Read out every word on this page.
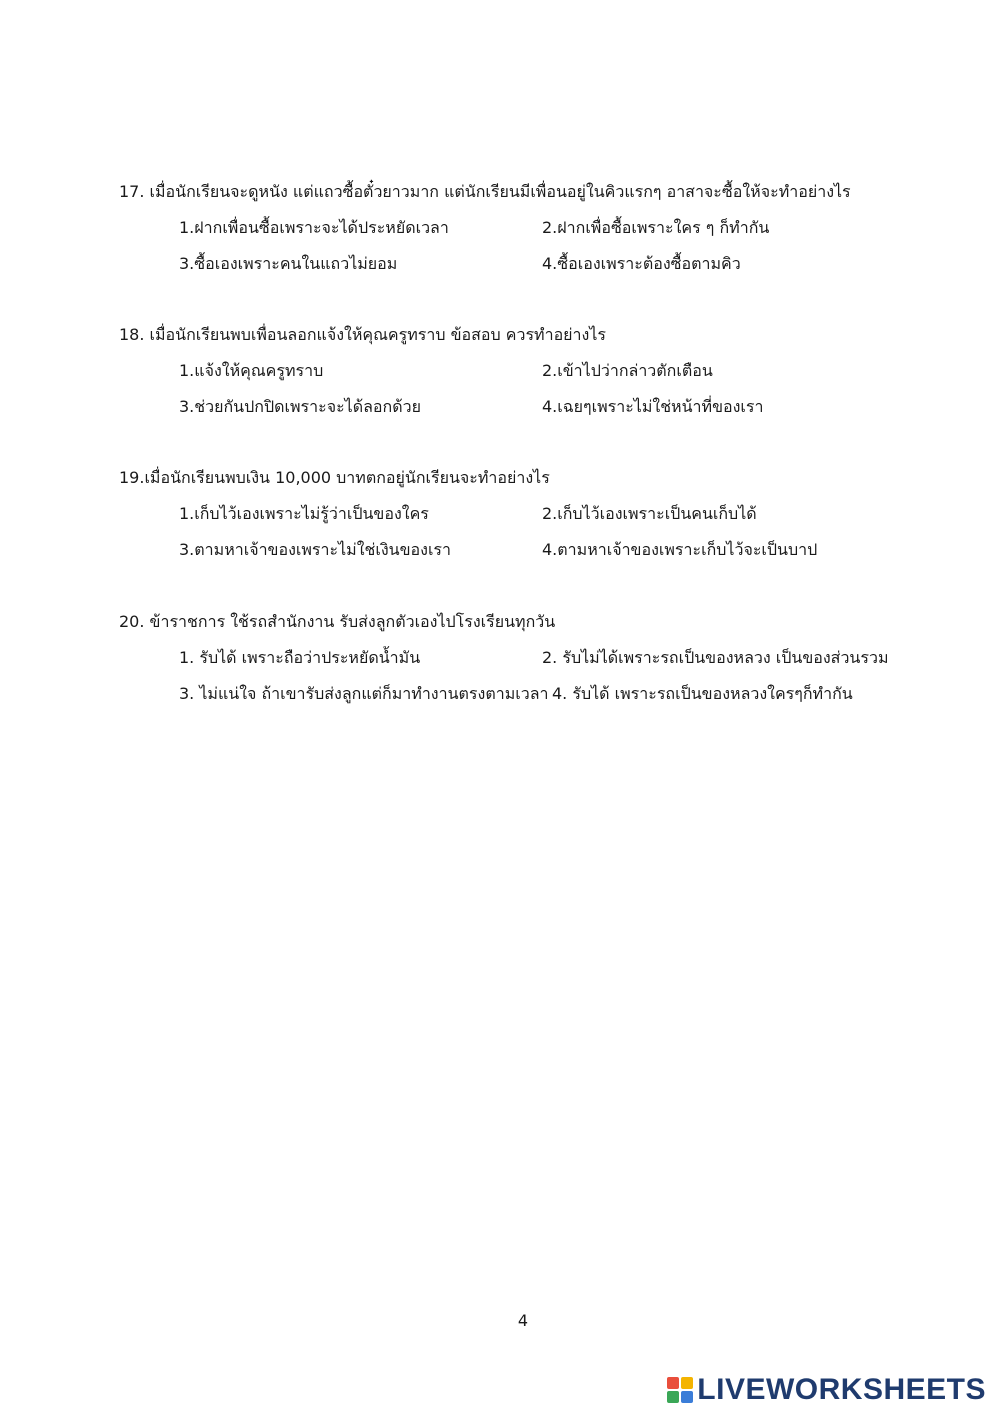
17. เมื่อนักเรียนจะดูหนัง แต่แถวซื้อตั๋วยาวมาก แต่นักเรียนมีเพื่อนอยู่ในคิวแรกๆ อาสาจะซื้อให้จะทำอย่างไร
1.ฝากเพื่อนซื้อเพราะจะได้ประหยัดเวลา	2.ฝากเพื่อซื้อเพราะใคร ๆ ก็ทำกัน
3.ซื้อเองเพราะคนในแถวไม่ยอม	4.ซื้อเองเพราะต้องซื้อตามคิว
18. เมื่อนักเรียนพบเพื่อนลอกแจ้งให้คุณครูทราบ ข้อสอบ ควรทำอย่างไร
1.แจ้งให้คุณครูทราบ	2.เข้าไปว่ากล่าวตักเตือน
3.ช่วยกันปกปิดเพราะจะได้ลอกด้วย	4.เฉยๆเพราะไม่ใช่หน้าที่ของเรา
19.เมื่อนักเรียนพบเงิน 10,000 บาทตกอยู่นักเรียนจะทำอย่างไร
1.เก็บไว้เองเพราะไม่รู้ว่าเป็นของใคร	2.เก็บไว้เองเพราะเป็นคนเก็บได้
3.ตามหาเจ้าของเพราะไม่ใช่เงินของเรา	4.ตามหาเจ้าของเพราะเก็บไว้จะเป็นบาป
20. ข้าราชการ ใช้รถสำนักงาน รับส่งลูกตัวเองไปโรงเรียนทุกวัน
1. รับได้ เพราะถือว่าประหยัดน้ำมัน	2. รับไม่ได้เพราะรถเป็นของหลวง เป็นของส่วนรวม
3. ไม่แน่ใจ ถ้าเขารับส่งลูกแต่ก็มาทำงานตรงตามเวลา 4. รับได้ เพราะรถเป็นของหลวงใครๆก็ทำกัน
4
LIVEWORKSHEETS
